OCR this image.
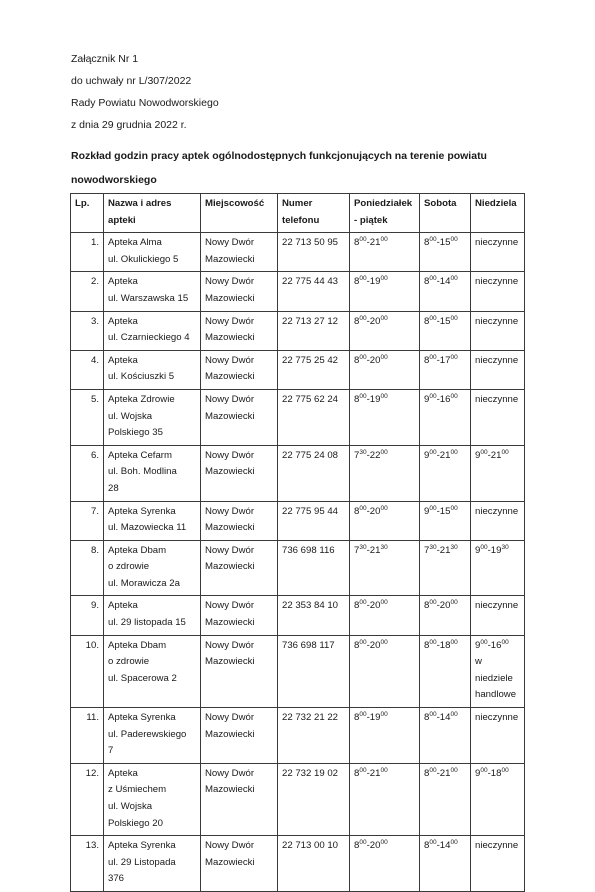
Załącznik Nr 1
do uchwały nr L/307/2022
Rady Powiatu Nowodworskiego
z dnia 29 grudnia 2022 r.
Rozkład godzin pracy aptek ogólnodostępnych funkcjonujących na terenie powiatu nowodworskiego
Lp.	Nazwa i adres apteki	Miejscowość	Numer telefonu	Poniedziałek - piątek	Sobota	Niedziela
1.	Apteka Alma
ul. Okulickiego 5	Nowy Dwór
Mazowiecki	22 713 50 95	$8^{00}-21^{00}$	$8^{00}-15^{00}$	nieczynne
2.	Apteka
ul. Warszawska 15	Nowy Dwór
Mazowiecki	22 775 44 43	$8^{00}-19^{00}$	$8^{00}-14^{00}$	nieczynne
3.	Apteka
ul. Czarnieckiego 4	Nowy Dwór
Mazowiecki	22 713 27 12	$8^{00}-20^{00}$	$8^{00}-15^{00}$	nieczynne
4.	Apteka
ul. Kościuszki 5	Nowy Dwór
Mazowiecki	22 775 25 42	$8^{00}-20^{00}$	$8^{00}-17^{00}$	nieczynne
5.	Apteka Zdrowie
ul. Wojska
Polskiego 35	Nowy Dwór
Mazowiecki	22 775 62 24	$8^{00}-19^{00}$	$9^{00}-16^{00}$	nieczynne
6.	Apteka Cefarm
ul. Boh. Modlina
28	Nowy Dwór
Mazowiecki	22 775 24 08	$7^{30}-22^{00}$	$9^{00}-21^{00}$	$9^{00}-21^{00}$
7.	Apteka Syrenka
ul. Mazowiecka 11	Nowy Dwór
Mazowiecki	22 775 95 44	$8^{00}-20^{00}$	$9^{00}-15^{00}$	nieczynne
8.	Apteka Dbam
o zdrowie
ul. Morawicza 2a	Nowy Dwór
Mazowiecki	736 698 116	$7^{30}-21^{30}$	$7^{30}-21^{30}$	$9^{00}-19^{30}$
9.	Apteka
ul. 29 listopada 15	Nowy Dwór
Mazowiecki	22 353 84 10	$8^{00}-20^{00}$	$8^{00}-20^{00}$	nieczynne
10.	Apteka Dbam
o zdrowie
ul. Spacerowa 2	Nowy Dwór
Mazowiecki	736 698 117	$8^{00}-20^{00}$	$8^{00}-18^{00}$	$9^{00}-16^{00}$
w
niedziele
handlowe

11.	Apteka Syrenka
ul. Paderewskiego
7	Nowy Dwór
Mazowiecki	22 732 21 22	$8^{00}-19^{00}$	$8^{00}-14^{00}$	nieczynne
12.	Apteka
z Uśmiechem
ul. Wojska
Polskiego 20	Nowy Dwór
Mazowiecki	22 732 19 02	$8^{00}-21^{00}$	$8^{00}-21^{00}$	$9^{00}-18^{00}$
13.	Apteka Syrenka
ul. 29 Listopada
376	Nowy Dwór
Mazowiecki	22 713 00 10	$8^{00}-20^{00}$	$8^{00}-14^{00}$	nieczynne
